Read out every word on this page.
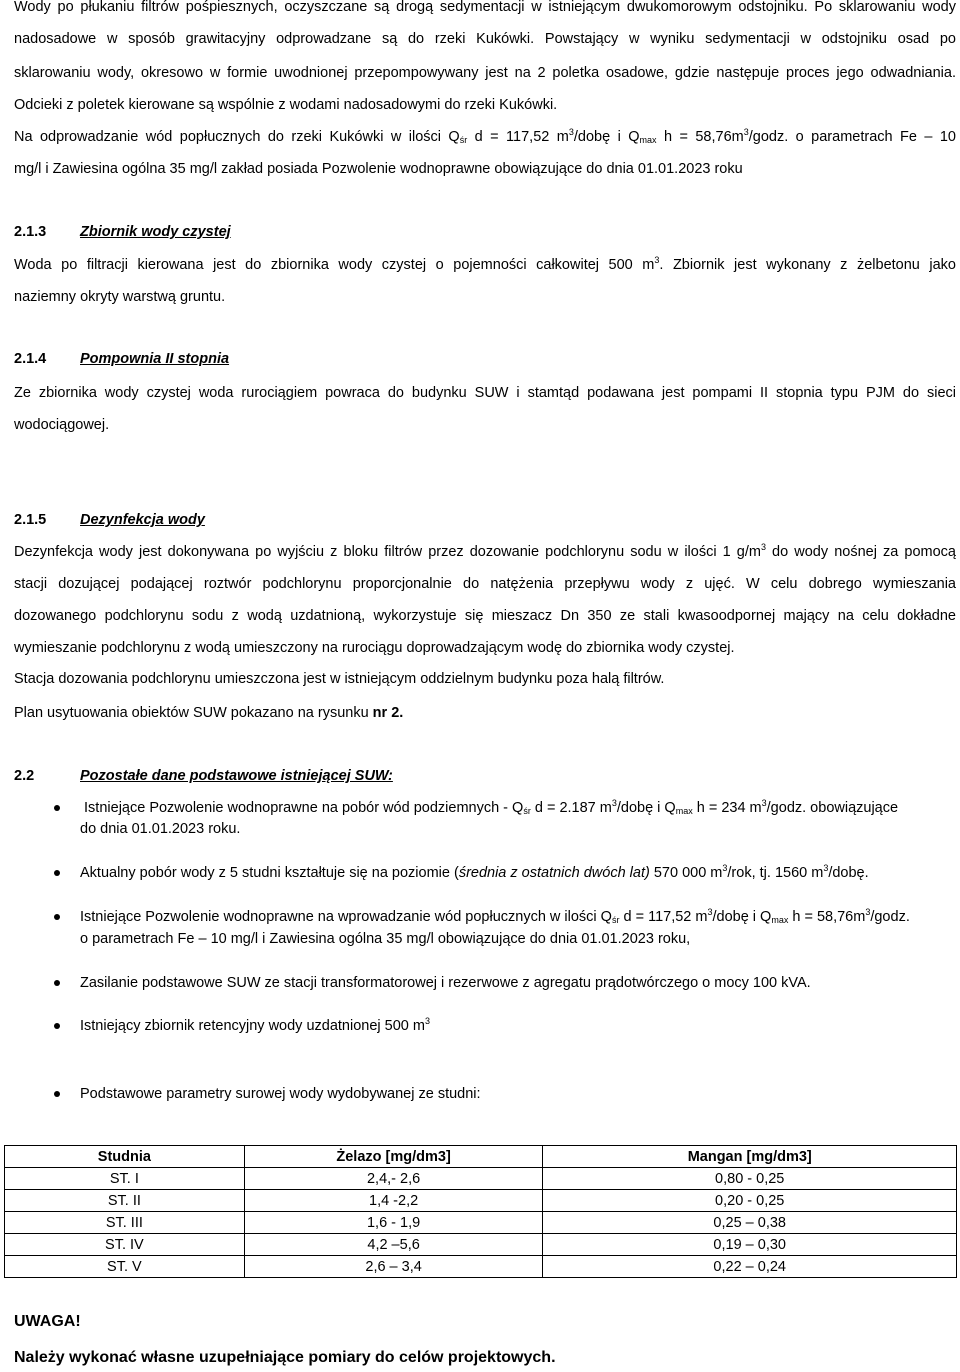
Wody po płukaniu filtrów pośpiesznych, oczyszczane są drogą sedymentacji w istniejącym dwukomorowym odstojniku. Po sklarowaniu wody
nadosadowe w sposób grawitacyjny odprowadzane są do rzeki Kukówki. Powstający w wyniku sedymentacji w odstojniku osad po
sklarowaniu wody, okresowo w formie uwodnionej przepompowywany jest na 2 poletka osadowe, gdzie następuje proces jego odwadniania.
Odcieki z poletek kierowane są wspólnie z wodami nadosadowymi do rzeki Kukówki.
Na odprowadzanie wód popłucznych do rzeki Kukówki w ilości $Q_{śr}$ d = 117,52 $m^3$/dobę i $Q_{max}$ $h = 58,76m^3$/godz. o parametrach Fe – 10
mg/l i Zawiesina ogólna 35 mg/l zakład posiada Pozwolenie wodnoprawne obowiązujące do dnia 01.01.2023 roku
2.1.3 Zbiornik wody czystej
Woda po filtracji kierowana jest do zbiornika wody czystej o pojemności całkowitej 500 $m^3$. Zbiornik jest wykonany z żelbetonu jako
naziemny okryty warstwą gruntu.
2.1.4 Pompownia II stopnia
Ze zbiornika wody czystej woda rurociągiem powraca do budynku SUW i stamtąd podawana jest pompami II stopnia typu PJM do sieci
wodociągowej.
2.1.5 Dezynfekcja wody
Dezynfekcja wody jest dokonywana po wyjściu z bloku filtrów przez dozowanie podchlorynu sodu w ilości 1 $g/m^3$ do wody nośnej za pomocą
stacji dozującej podającej roztwór podchlorynu proporcjonalnie do natężenia przepływu wody z ujęć. W celu dobrego wymieszania
dozowanego podchlorynu sodu z wodą uzdatnioną, wykorzystuje się mieszacz Dn 350 ze stali kwasoodpornej mający na celu dokładne
wymieszanie podchlorynu z wodą umieszczony na rurociągu doprowadzającym wodę do zbiornika wody czystej.
Stacja dozowania podchlorynu umieszczona jest w istniejącym oddzielnym budynku poza halą filtrów.
Plan usytuowania obiektów SUW pokazano na rysunku nr 2.
2.2	Pozostałe dane podstawowe istniejącej SUW:
Istniejące Pozwolenie wodnoprawne na pobór wód podziemnych - $Q_{śr}$ d = 2.187 $m^3$/dobę i $Q_{max}$ h = 234 $m^3$/godz. obowiązujące
do dnia 01.01.2023 roku.
Aktualny pobór wody z 5 studni kształtuje się na poziomie (średnia z ostatnich dwóch lat) 570 000 $m^3$/rok, tj. 1560 $m^3$/dobę.
Istniejące Pozwolenie wodnoprawne na wprowadzanie wód popłucznych w ilości $Q_{śr}$ d = 117,52 $m^3$/dobę i $Q_{max}$ $h = 58,76m^3$/godz.
o parametrach Fe – 10 mg/l i Zawiesina ogólna 35 mg/l obowiązujące do dnia 01.01.2023 roku,
Zasilanie podstawowe SUW ze stacji transformatorowej i rezerwowe z agregatu prądotwórczego o mocy 100 kVA.
Istniejący zbiornik retencyjny wody uzdatnionej 500 $m^3$
Podstawowe parametry surowej wody wydobywanej ze studni:
Studnia	Żelazo [mg/dm3]	Mangan [mg/dm3]
ST. I	2,4,- 2,6	0,80 - 0,25
ST. II	1,4 -2,2	0,20 - 0,25
ST. III	1,6 - 1,9	0,25 – 0,38
ST. IV	4,2 –5,6	0,19 – 0,30
ST. V	2,6 – 3,4	0,22 – 0,24
UWAGA!
Należy wykonać własne uzupełniające pomiary do celów projektowych.
